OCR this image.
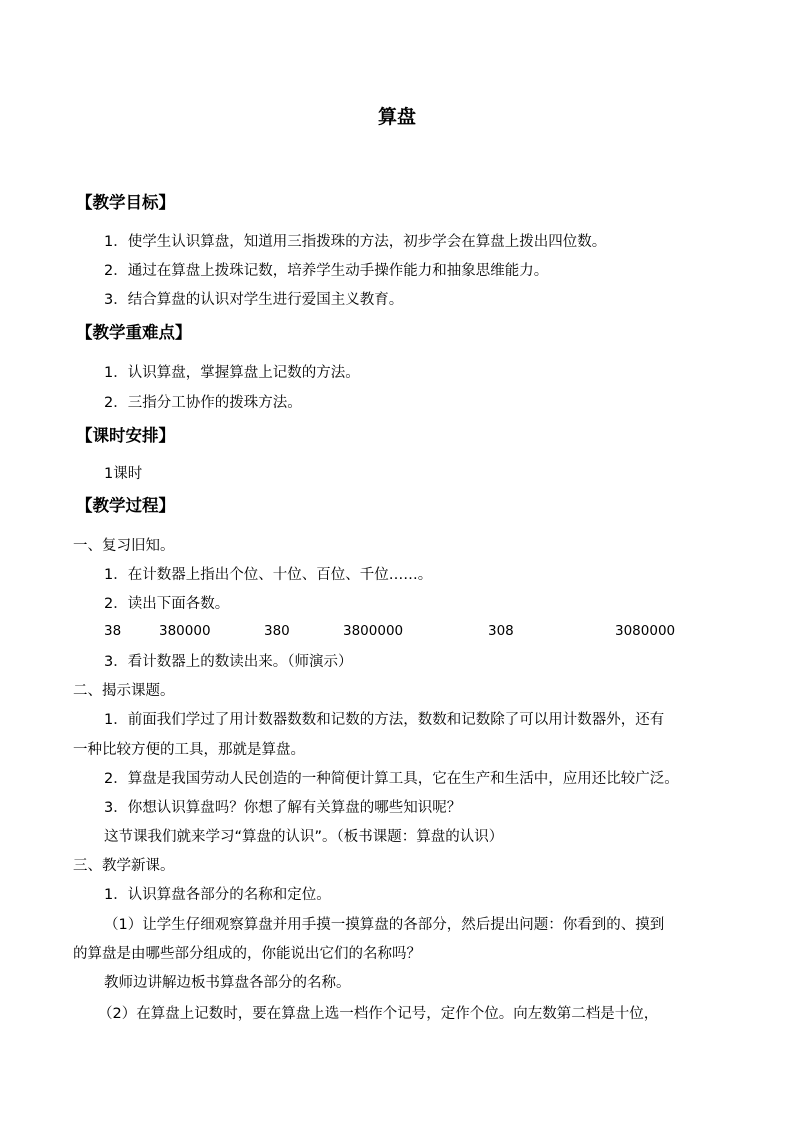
算盘
【教学目标】
1．使学生认识算盘，知道用三指拨珠的方法，初步学会在算盘上拨出四位数。
2．通过在算盘上拨珠记数，培养学生动手操作能力和抽象思维能力。
3．结合算盘的认识对学生进行爱国主义教育。
【教学重难点】
1．认识算盘，掌握算盘上记数的方法。
2．三指分工协作的拨珠方法。
【课时安排】
1课时
【教学过程】
一、复习旧知。
1．在计数器上指出个位、十位、百位、千位……。
2．读出下面各数。
38	380000	380	3800000	308	3080000
3．看计数器上的数读出来。（师演示）
二、揭示课题。
1．前面我们学过了用计数器数数和记数的方法，数数和记数除了可以用计数器外，还有
一种比较方便的工具，那就是算盘。
2．算盘是我国劳动人民创造的一种简便计算工具，它在生产和生活中，应用还比较广泛。
3．你想认识算盘吗？你想了解有关算盘的哪些知识呢？
这节课我们就来学习“算盘的认识”。（板书课题：算盘的认识）
三、教学新课。
1．认识算盘各部分的名称和定位。
（1）让学生仔细观察算盘并用手摸一摸算盘的各部分，然后提出问题：你看到的、摸到
的算盘是由哪些部分组成的，你能说出它们的名称吗？
教师边讲解边板书算盘各部分的名称。
（2）在算盘上记数时，要在算盘上选一档作个记号，定作个位。向左数第二档是十位，
